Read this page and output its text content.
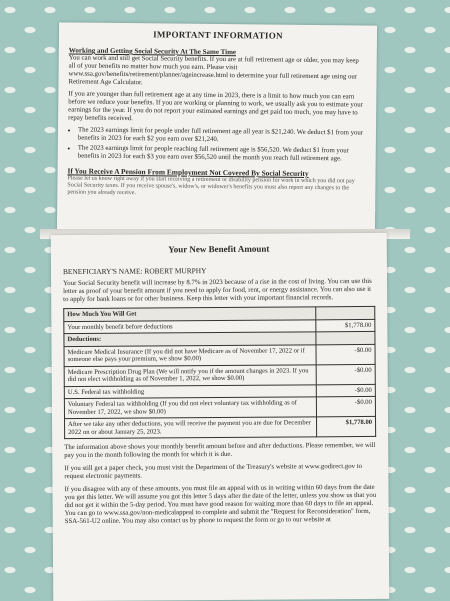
IMPORTANT INFORMATION
Working and Getting Social Security At The Same Time

You can work and still get Social Security benefits. If you are at full retirement age or older, you may keep all of your benefits no matter how much you earn. Please visit www.ssa.gov/benefits/retirement/planner/ageincrease.html to determine your full retirement age using our Retirement Age Calculator.

If you are younger than full retirement age at any time in 2023, there is a limit to how much you can earn before we reduce your benefits. If you are working or planning to work, we usually ask you to estimate your earnings for the year. If you do not report your estimated earnings and get paid too much, you may have to repay benefits received.

• The 2023 earnings limit for people under full retirement age all year is $21,240. We deduct $1 from your benefits in 2023 for each $2 you earn over $21,240.
• The 2023 earnings limit for people reaching full retirement age is $56,520. We deduct $1 from your benefits in 2023 for each $3 you earn over $56,520 until the month you reach full retirement age.
If You Receive A Pension From Employment Not Covered By Social Security
Please let us know right away if you start receiving a retirement or disability pension for work in which you did not pay Social Security taxes. If you receive spouse's, widow's, or widower's benefits you must also report any changes to the pension you already receive.
Your New Benefit Amount
BENEFICIARY'S NAME: ROBERT MURPHY

Your Social Security benefit will increase by 8.7% in 2023 because of a rise in the cost of living. You can use this letter as proof of your benefit amount if you need to apply for food, rent, or energy assistance. You can also use it to apply for bank loans or for other business. Keep this letter with your important financial records.

How Much You Will Get	
Your monthly benefit before deductions	$1,778.00
Deductions:	
Medicare Medical Insurance (If you did not have Medicare as of November 17, 2022 or if someone else pays your premium, we show $0.00)	-$0.00
Medicare Prescription Drug Plan (We will notify you if the amount changes in 2023. If you did not elect withholding as of November 1, 2022, we show $0.00)	-$0.00
U.S. Federal tax withholding	-$0.00
Voluntary Federal tax withholding (If you did not elect voluntary tax withholding as of November 17, 2022, we show $0.00)	-$0.00
After we take any other deductions, you will receive the payment you are due for December 2022 on or about January 25, 2023.	$1,778.00

The information above shows your monthly benefit amount before and after deductions. Please remember, we will pay you in the month following the month for which it is due.

If you still get a paper check, you must visit the Department of the Treasury's website at www.godirect.gov to request electronic payments.

If you disagree with any of these amounts, you must file an appeal with us in writing within 60 days from the date you get this letter. We will assume you got this letter 5 days after the date of the letter, unless you show us that you did not get it within the 5-day period. You must have good reason for waiting more than 60 days to file an appeal. You can go to www.ssa.gov/non-medicalappeal to complete and submit the "Request for Reconsideration" form, SSA-561-U2 online. You may also contact us by phone to request the form or go to our website at
